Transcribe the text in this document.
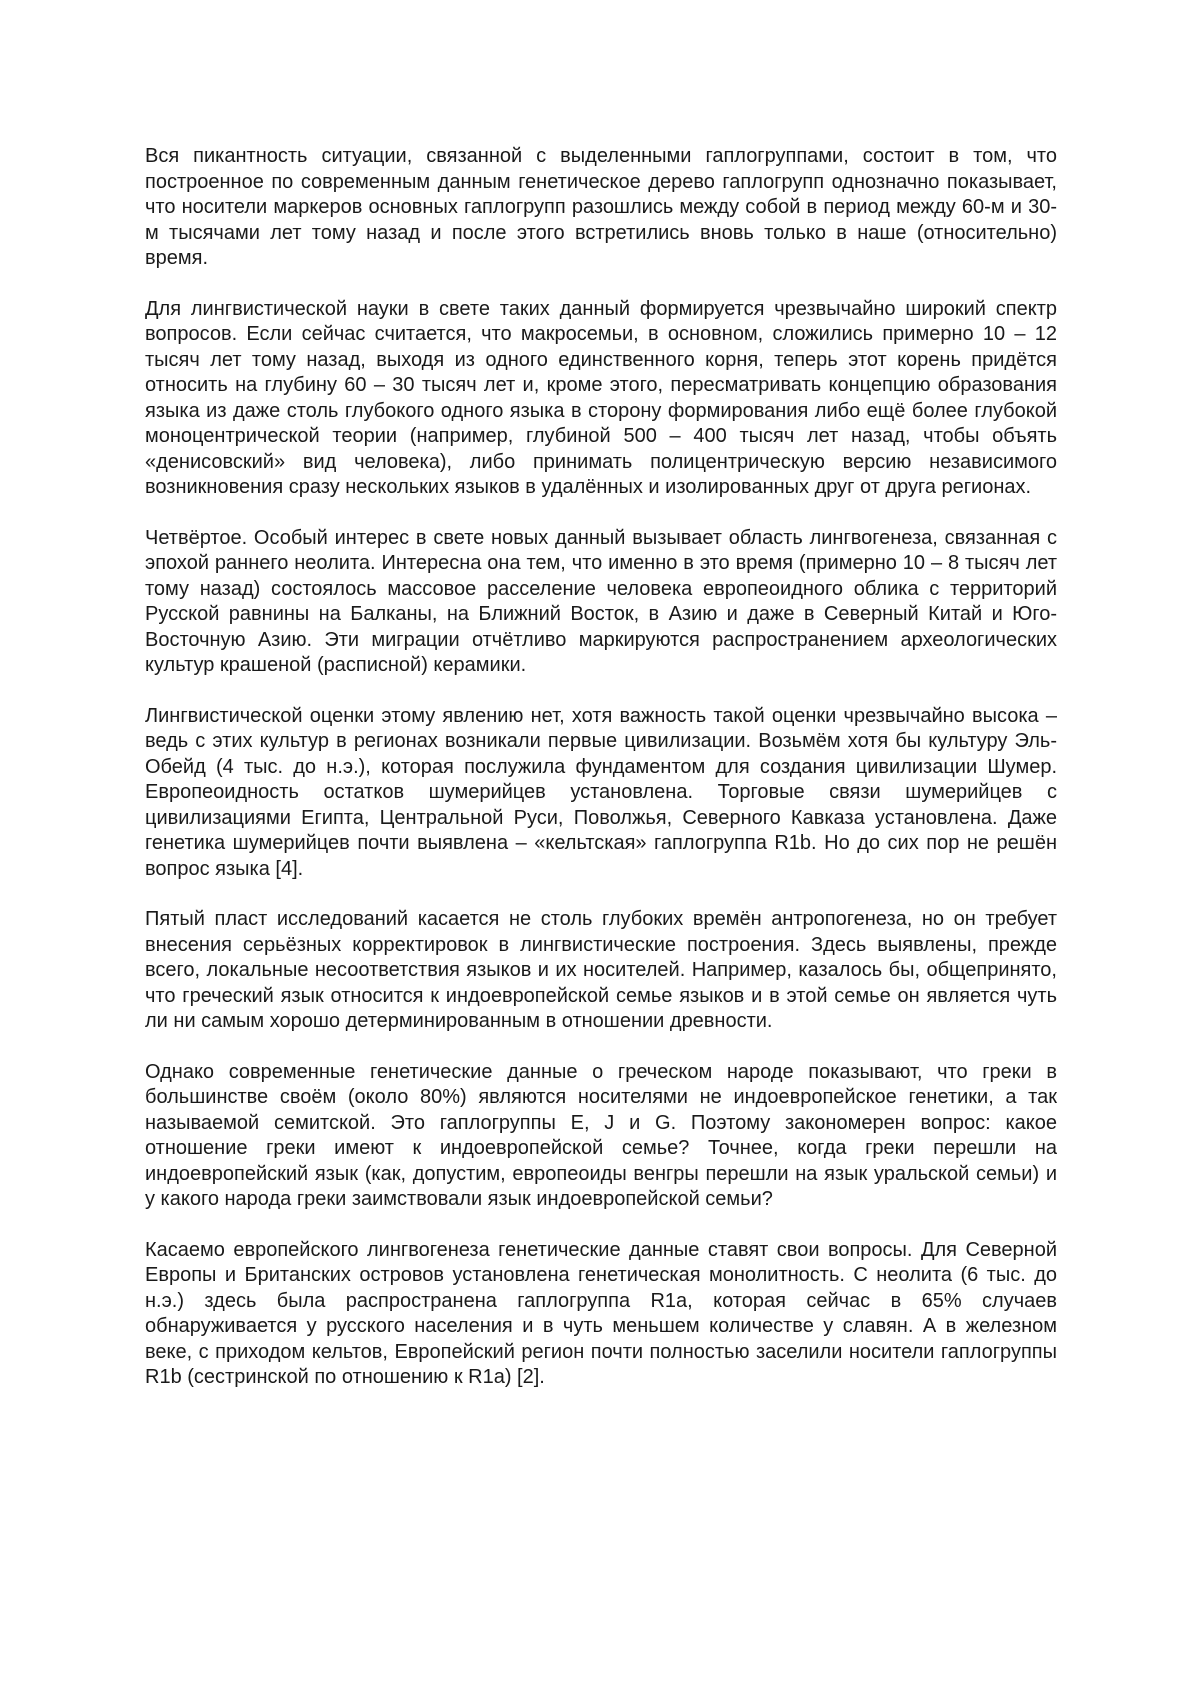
Вся пикантность ситуации, связанной с выделенными гаплогруппами, состоит в том, что построенное по современным данным генетическое дерево гаплогрупп однозначно показывает, что носители маркеров основных гаплогрупп разошлись между собой в период между 60-м и 30-м тысячами лет тому назад и после этого встретились вновь только в наше (относительно) время.

Для лингвистической науки в свете таких данный формируется чрезвычайно широкий спектр вопросов. Если сейчас считается, что макросемьи, в основном, сложились примерно 10 – 12 тысяч лет тому назад, выходя из одного единственного корня, теперь этот корень придётся относить на глубину 60 – 30 тысяч лет и, кроме этого, пересматривать концепцию образования языка из даже столь глубокого одного языка в сторону формирования либо ещё более глубокой моноцентрической теории (например, глубиной 500 – 400 тысяч лет назад, чтобы объять «денисовский» вид человека), либо принимать полицентрическую версию независимого возникновения сразу нескольких языков в удалённых и изолированных друг от друга регионах.

Четвёртое. Особый интерес в свете новых данный вызывает область лингвогенеза, связанная с эпохой раннего неолита. Интересна она тем, что именно в это время (примерно 10 – 8 тысяч лет тому назад) состоялось массовое расселение человека европеоидного облика с территорий Русской равнины на Балканы, на Ближний Восток, в Азию и даже в Северный Китай и Юго-Восточную Азию. Эти миграции отчётливо маркируются распространением археологических культур крашеной (расписной) керамики.

Лингвистической оценки этому явлению нет, хотя важность такой оценки чрезвычайно высока – ведь с этих культур в регионах возникали первые цивилизации. Возьмём хотя бы культуру Эль-Обейд (4 тыс. до н.э.), которая послужила фундаментом для создания цивилизации Шумер. Европеоидность остатков шумерийцев установлена. Торговые связи шумерийцев с цивилизациями Египта, Центральной Руси, Поволжья, Северного Кавказа установлена. Даже генетика шумерийцев почти выявлена – «кельтская» гаплогруппа R1b. Но до сих пор не решён вопрос языка [4].

Пятый пласт исследований касается не столь глубоких времён антропогенеза, но он требует внесения серьёзных корректировок в лингвистические построения. Здесь выявлены, прежде всего, локальные несоответствия языков и их носителей. Например, казалось бы, общепринято, что греческий язык относится к индоевропейской семье языков и в этой семье он является чуть ли ни самым хорошо детерминированным в отношении древности.

Однако современные генетические данные о греческом народе показывают, что греки в большинстве своём (около 80%) являются носителями не индоевропейское генетики, а так называемой семитской. Это гаплогруппы E, J и G. Поэтому закономерен вопрос: какое отношение греки имеют к индоевропейской семье? Точнее, когда греки перешли на индоевропейский язык (как, допустим, европеоиды венгры перешли на язык уральской семьи) и у какого народа греки заимствовали язык индоевропейской семьи?

Касаемо европейского лингвогенеза генетические данные ставят свои вопросы. Для Северной Европы и Британских островов установлена генетическая монолитность. С неолита (6 тыс. до н.э.) здесь была распространена гаплогруппа R1a, которая сейчас в 65% случаев обнаруживается у русского населения и в чуть меньшем количестве у славян. А в железном веке, с приходом кельтов, Европейский регион почти полностью заселили носители гаплогруппы R1b (сестринской по отношению к R1a) [2].
